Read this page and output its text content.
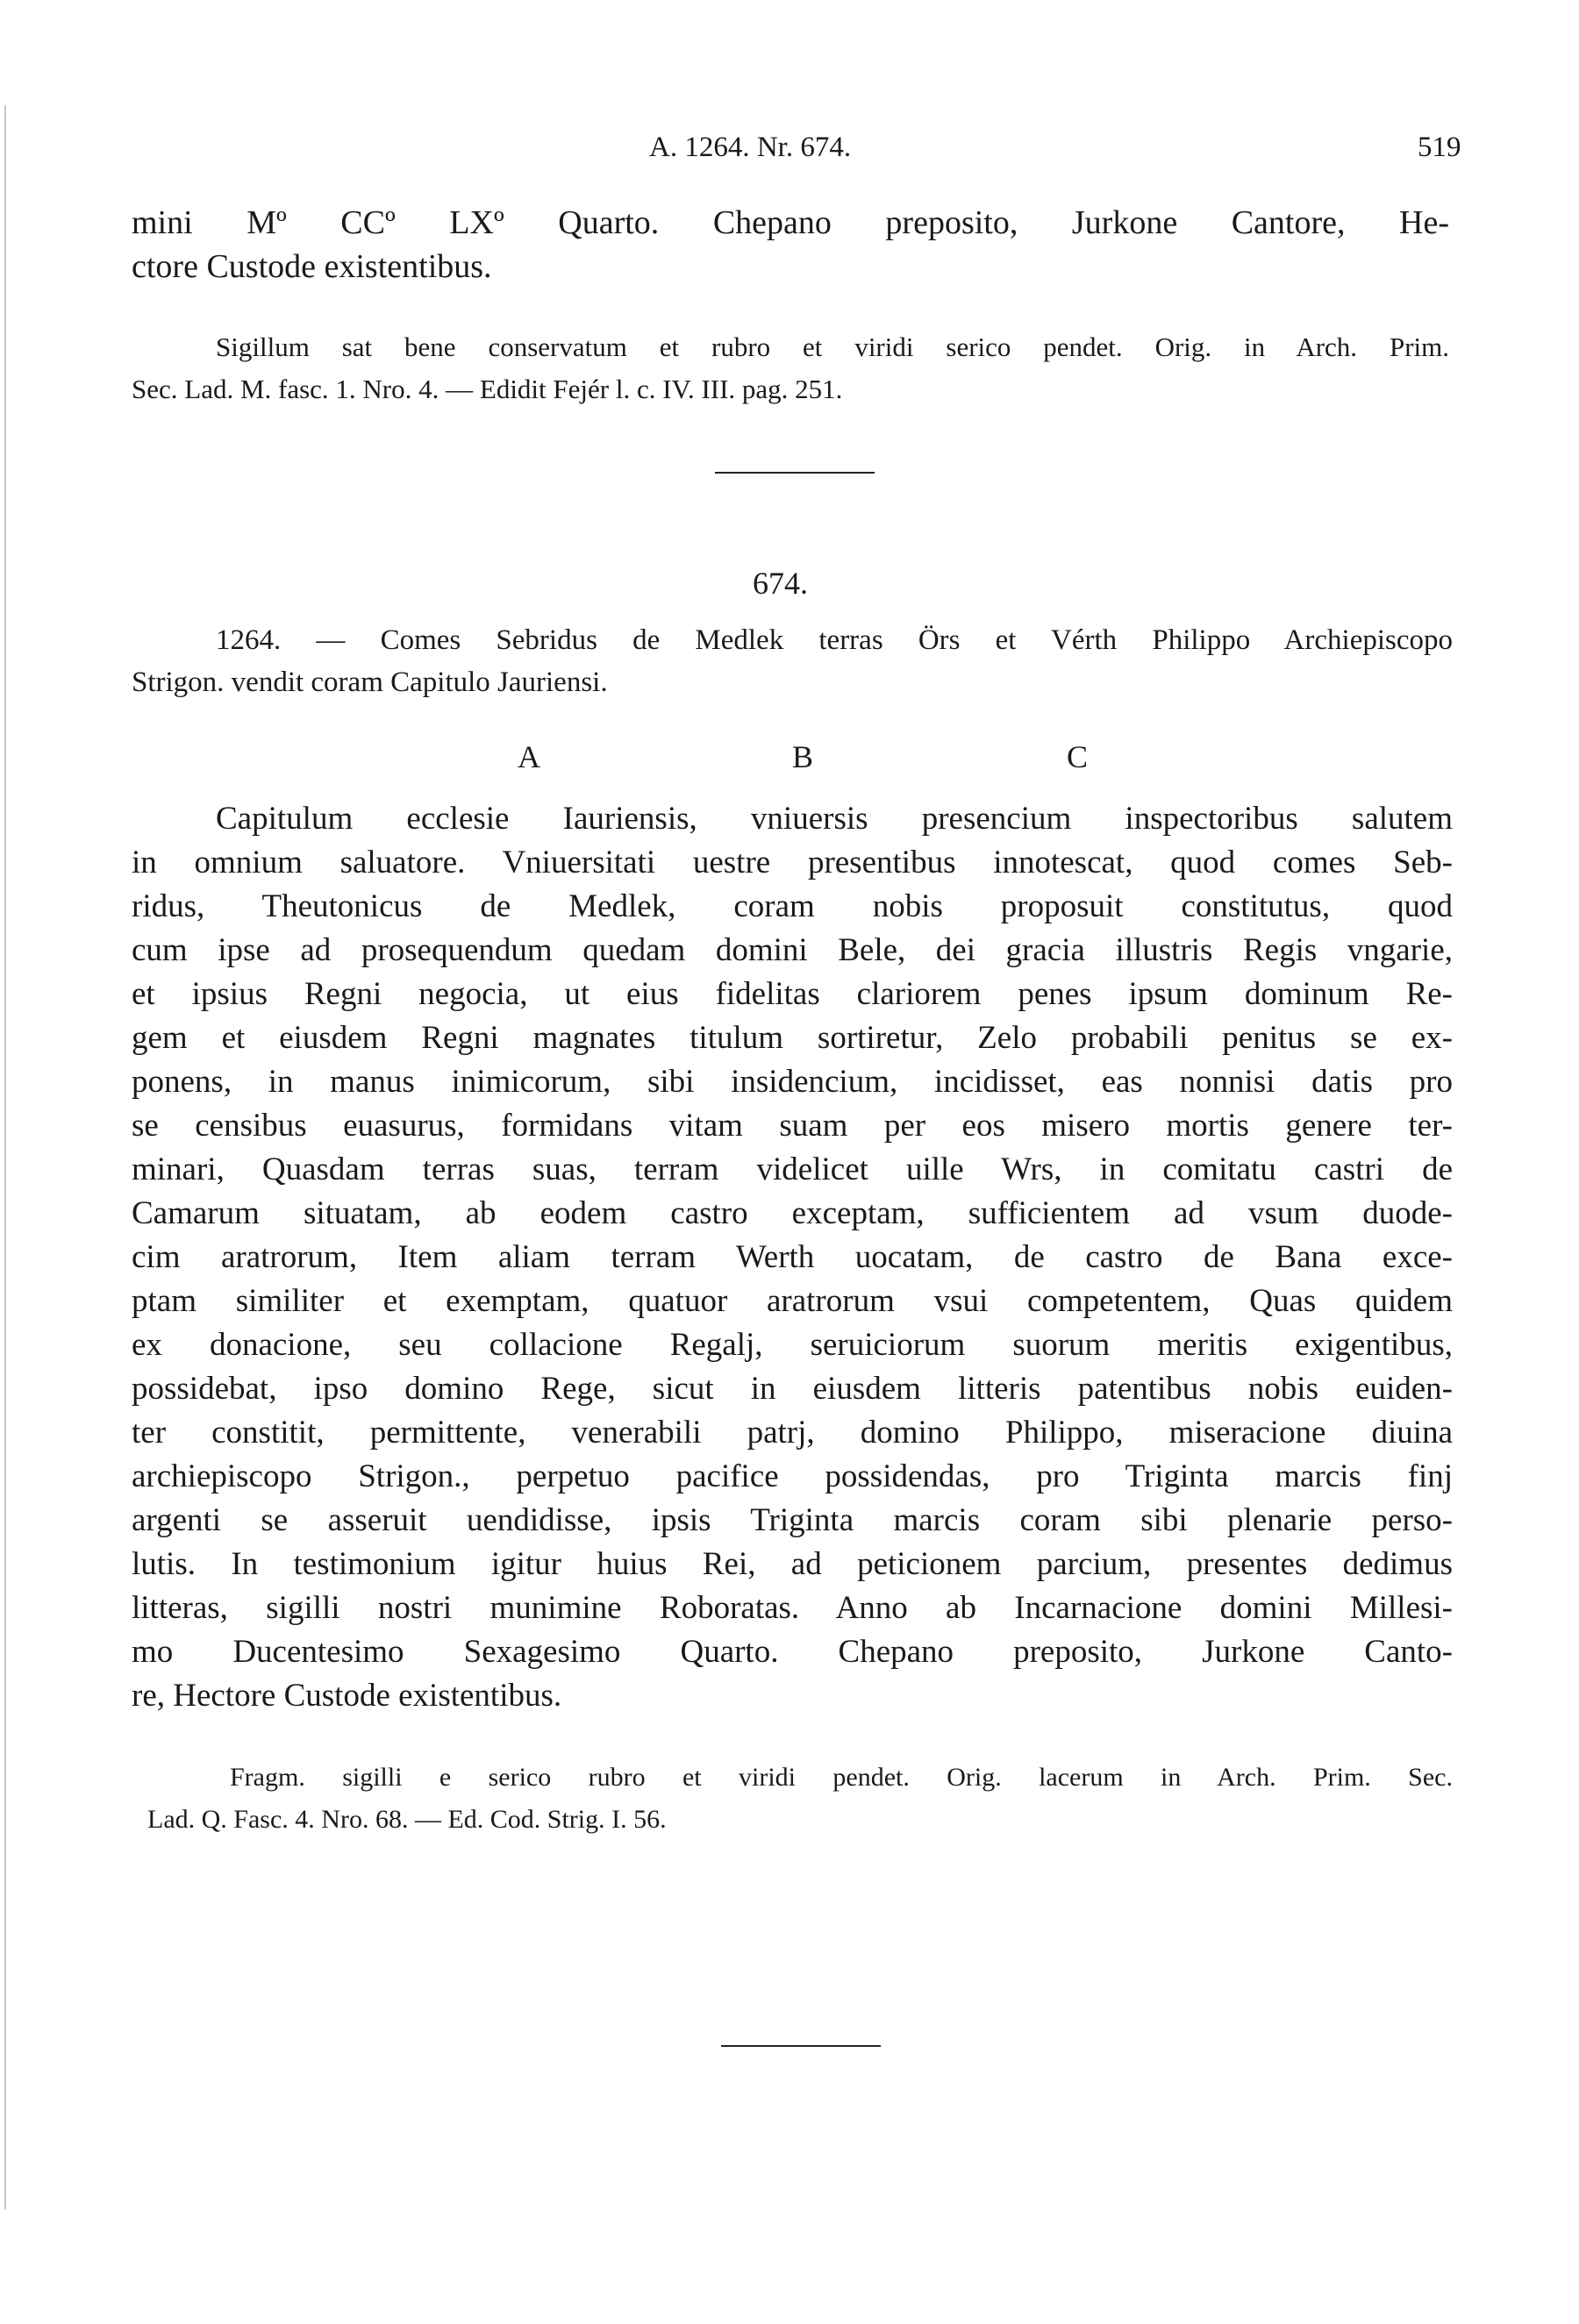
A. 1264. Nr. 674.	519
mini Mº CCº LXº Quarto. Chepano preposito, Jurkone Cantore, He-
ctore Custode existentibus.
Sigillum sat bene conservatum et rubro et viridi serico pendet. Orig. in Arch. Prim.
Sec. Lad. M. fasc. 1. Nro. 4. — Edidit Fejér l. c. IV. III. pag. 251.
674.
1264. — Comes Sebridus de Medlek terras Örs et Vérth Philippo Archiepiscopo
Strigon. vendit coram Capitulo Jauriensi.
A	B	C
Capitulum ecclesie Iauriensis, vniuersis presencium inspectoribus salutem
in omnium saluatore. Vniuersitati uestre presentibus innotescat, quod comes Seb-
ridus, Theutonicus de Medlek, coram nobis proposuit constitutus, quod
cum ipse ad prosequendum quedam domini Bele, dei gracia illustris Regis vngarie,
et ipsius Regni negocia, ut eius fidelitas clariorem penes ipsum dominum Re-
gem et eiusdem Regni magnates titulum sortiretur, Zelo probabili penitus se ex-
ponens, in manus inimicorum, sibi insidencium, incidisset, eas nonnisi datis pro
se censibus euasurus, formidans vitam suam per eos misero mortis genere ter-
minari, Quasdam terras suas, terram videlicet uille Wrs, in comitatu castri de
Camarum situatam, ab eodem castro exceptam, sufficientem ad vsum duode-
cim aratrorum, Item aliam terram Werth uocatam, de castro de Bana exce-
ptam similiter et exemptam, quatuor aratrorum vsui competentem, Quas quidem
ex donacione, seu collacione Regalj, seruiciorum suorum meritis exigentibus,
possidebat, ipso domino Rege, sicut in eiusdem litteris patentibus nobis euiden-
ter constitit, permittente, venerabili patrj, domino Philippo, miseracione diuina
archiepiscopo Strigon., perpetuo pacifice possidendas, pro Triginta marcis finj
argenti se asseruit uendidisse, ipsis Triginta marcis coram sibi plenarie perso-
lutis. In testimonium igitur huius Rei, ad peticionem parcium, presentes dedimus
litteras, sigilli nostri munimine Roboratas. Anno ab Incarnacione domini Millesi-
mo Ducentesimo Sexagesimo Quarto. Chepano preposito, Jurkone Canto-
re, Hectore Custode existentibus.
Fragm. sigilli e serico rubro et viridi pendet. Orig. lacerum in Arch. Prim. Sec.
Lad. Q. Fasc. 4. Nro. 68. — Ed. Cod. Strig. I. 56.
